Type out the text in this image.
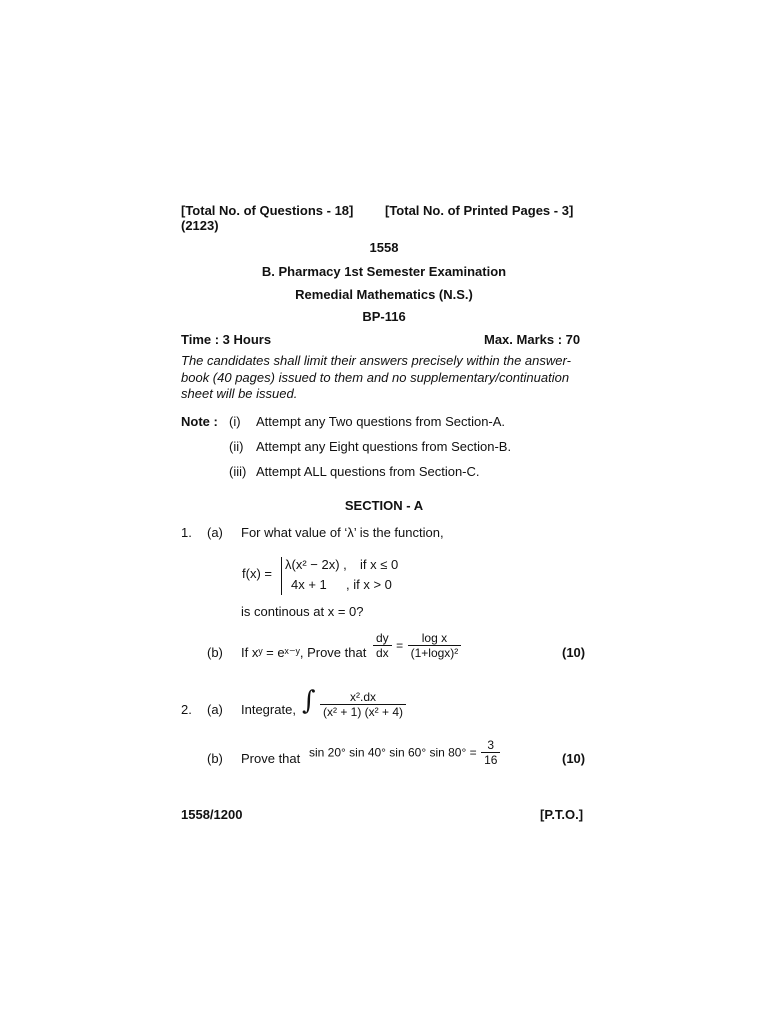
[Total No. of Questions - 18] [Total No. of Printed Pages - 3]
(2123)
1558
B. Pharmacy 1st Semester Examination
Remedial Mathematics (N.S.)
BP-116
Time : 3 Hours	Max. Marks : 70
The candidates shall limit their answers precisely within the answer-book (40 pages) issued to them and no supplementary/continuation sheet will be issued.
Note : (i) Attempt any Two questions from Section-A.
(ii) Attempt any Eight questions from Section-B.
(iii) Attempt ALL questions from Section-C.
SECTION - A
1. (a) For what value of ‘λ’ is the function,
f(x) =
λ(x² − 2x) , if x ≤ 0
4x + 1 , if x > 0
is continous at x = 0?
(b) If xʸ = eˣ⁻ʸ, Prove that $\frac{dy}{dx} = \frac{\text{log x}}{\text{(1+logx)²}}$	(10)
2. (a) Integrate, ∫ $\frac{\text{x².dx}}{\text{(x² + 1) (x² + 4)}}$
(b) Prove that sin 20° sin 40° sin 60° $\sin 80^\circ = \frac{3}{16}$	(10)
1558/1200	[P.T.O.]
